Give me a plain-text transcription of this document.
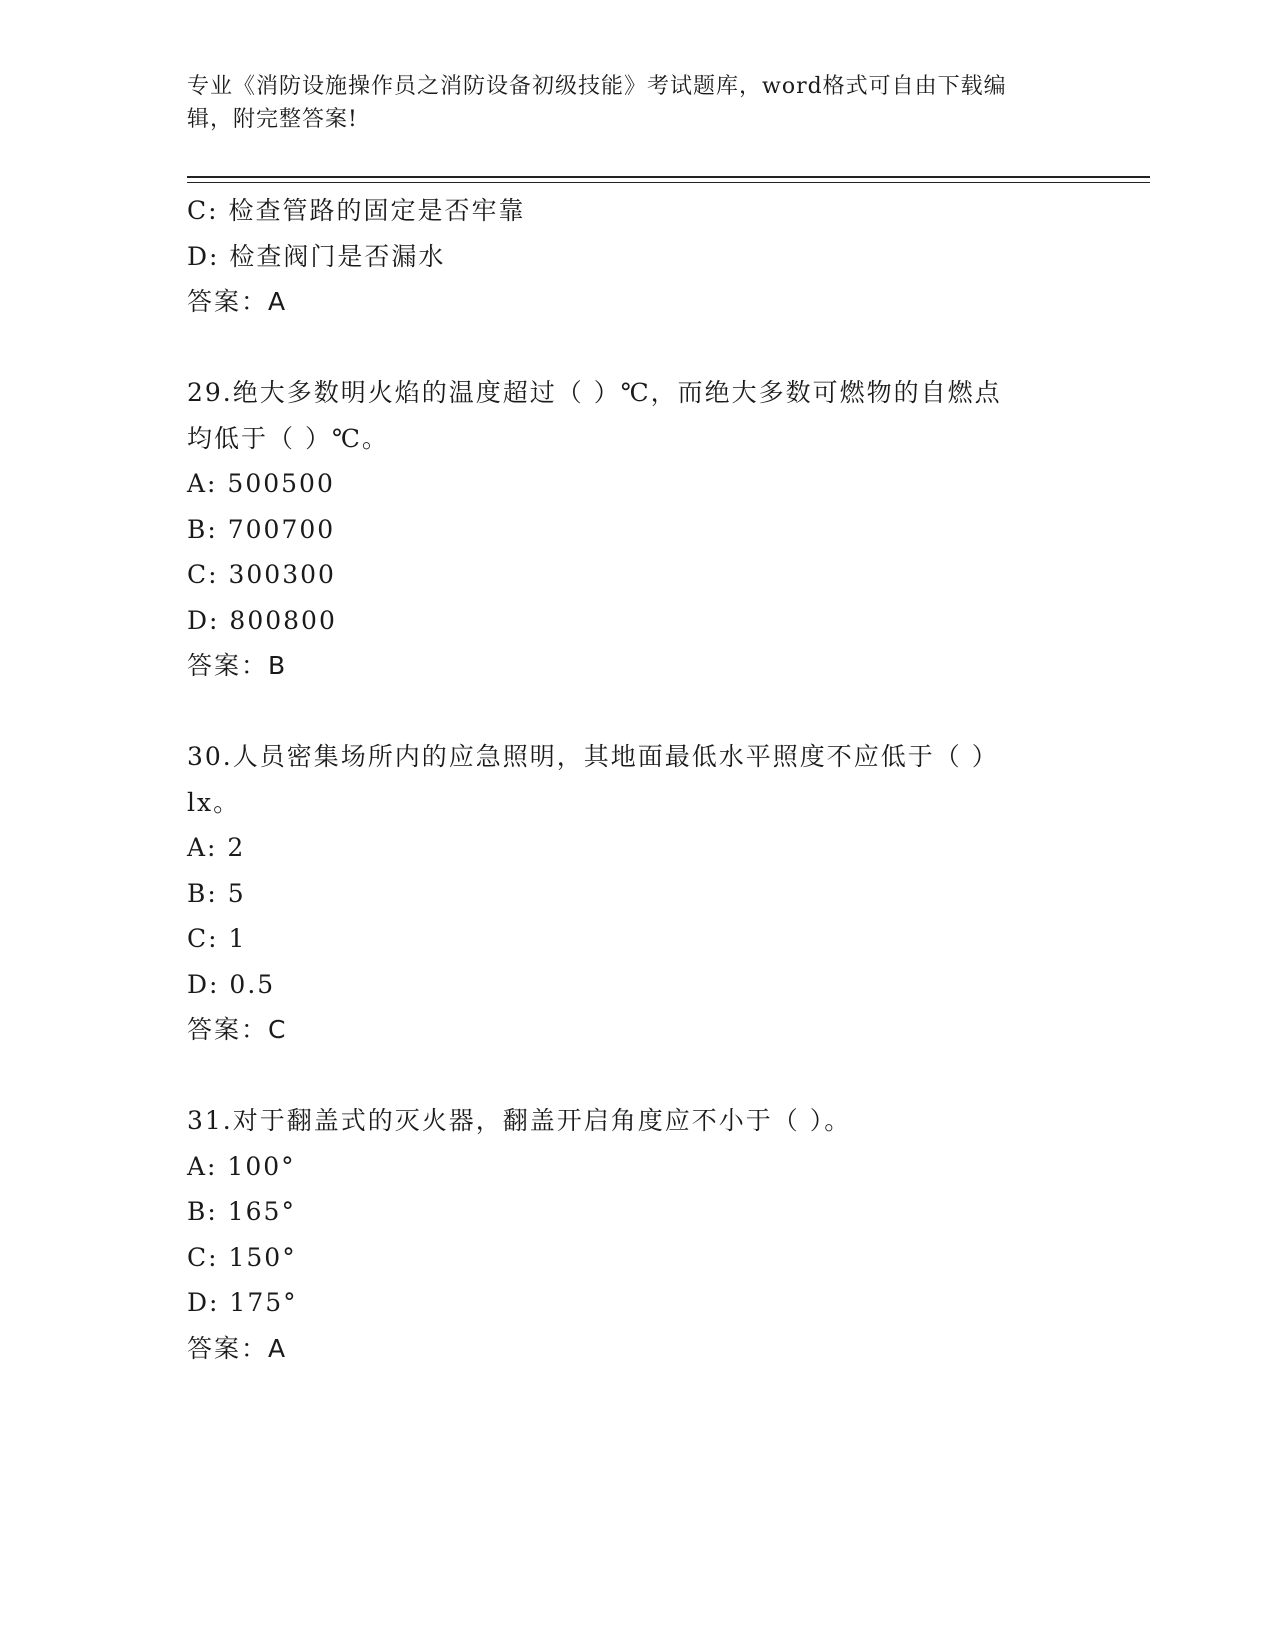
专业《消防设施操作员之消防设备初级技能》考试题库，word格式可自由下载编
辑，附完整答案!
C: 检查管路的固定是否牢靠
D: 检查阀门是否漏水
答案：A
29.绝大多数明火焰的温度超过（ ）℃，而绝大多数可燃物的自燃点
均低于（ ）℃。
A: 500500
B: 700700
C: 300300
D: 800800
答案：B
30.人员密集场所内的应急照明，其地面最低水平照度不应低于（ ）
lx。
A: 2
B: 5
C: 1
D: 0.5
答案：C
31.对于翻盖式的灭火器，翻盖开启角度应不小于（ ）。
A: 100°
B: 165°
C: 150°
D: 175°
答案：A
